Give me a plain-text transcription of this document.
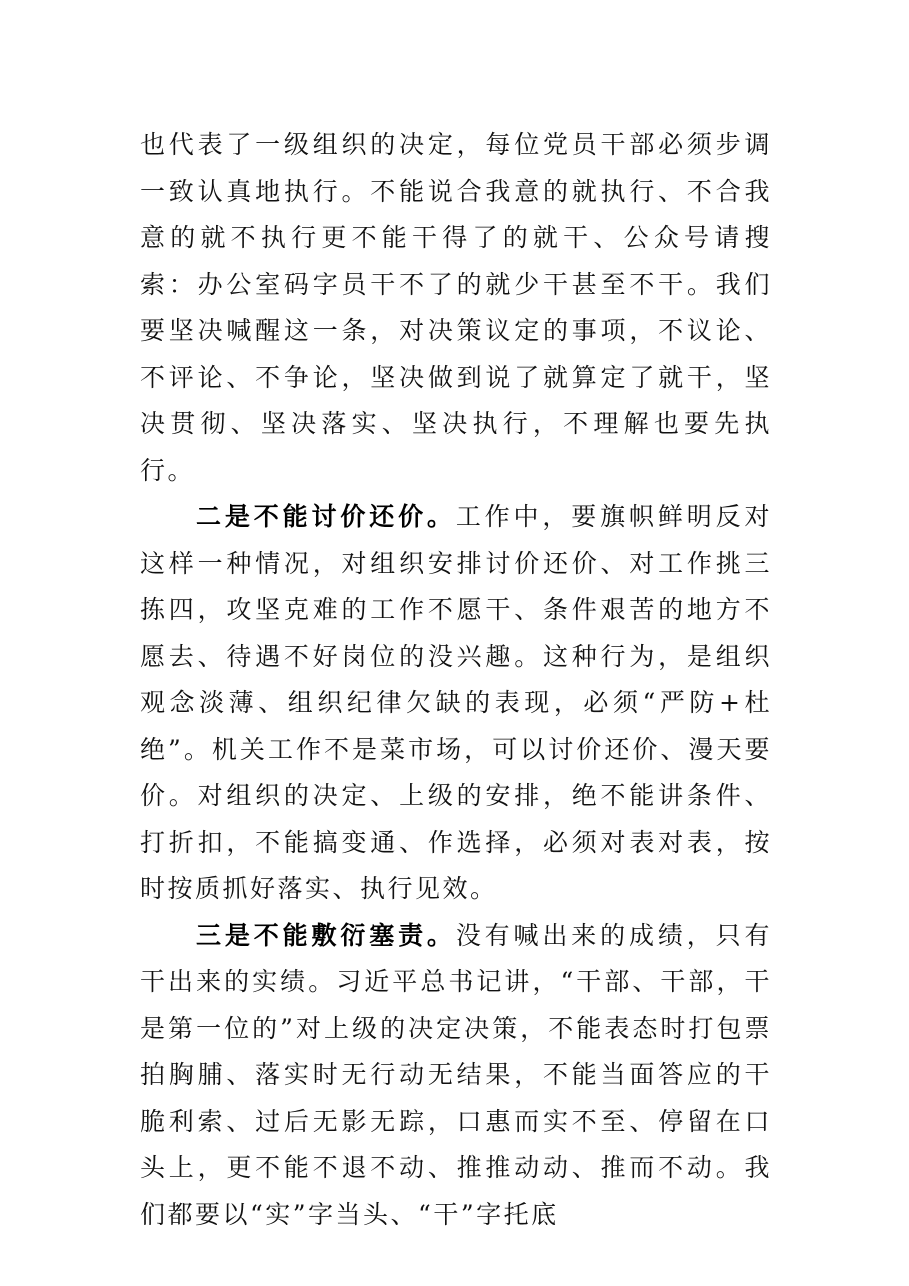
也代表了一级组织的决定，每位党员干部必须步调一致认真地执行。不能说合我意的就执行、不合我意的就不执行更不能干得了的就干、公众号请搜索：办公室码字员干不了的就少干甚至不干。我们要坚决喊醒这一条，对决策议定的事项，不议论、不评论、不争论，坚决做到说了就算定了就干，坚决贯彻、坚决落实、坚决执行，不理解也要先执行。

二是不能讨价还价。工作中，要旗帜鲜明反对这样一种情况，对组织安排讨价还价、对工作挑三拣四，攻坚克难的工作不愿干、条件艰苦的地方不愿去、待遇不好岗位的没兴趣。这种行为，是组织观念淡薄、组织纪律欠缺的表现，必须“严防+杜绝”。机关工作不是菜市场，可以讨价还价、漫天要价。对组织的决定、上级的安排，绝不能讲条件、打折扣，不能搞变通、作选择，必须对表对表，按时按质抓好落实、执行见效。

三是不能敷衍塞责。没有喊出来的成绩，只有干出来的实绩。习近平总书记讲，“干部、干部，干是第一位的”对上级的决定决策，不能表态时打包票拍胸脯、落实时无行动无结果，不能当面答应的干脆利索、过后无影无踪，口惠而实不至、停留在口头上，更不能不退不动、推推动动、推而不动。我们都要以“实”字当头、“干”字托底
